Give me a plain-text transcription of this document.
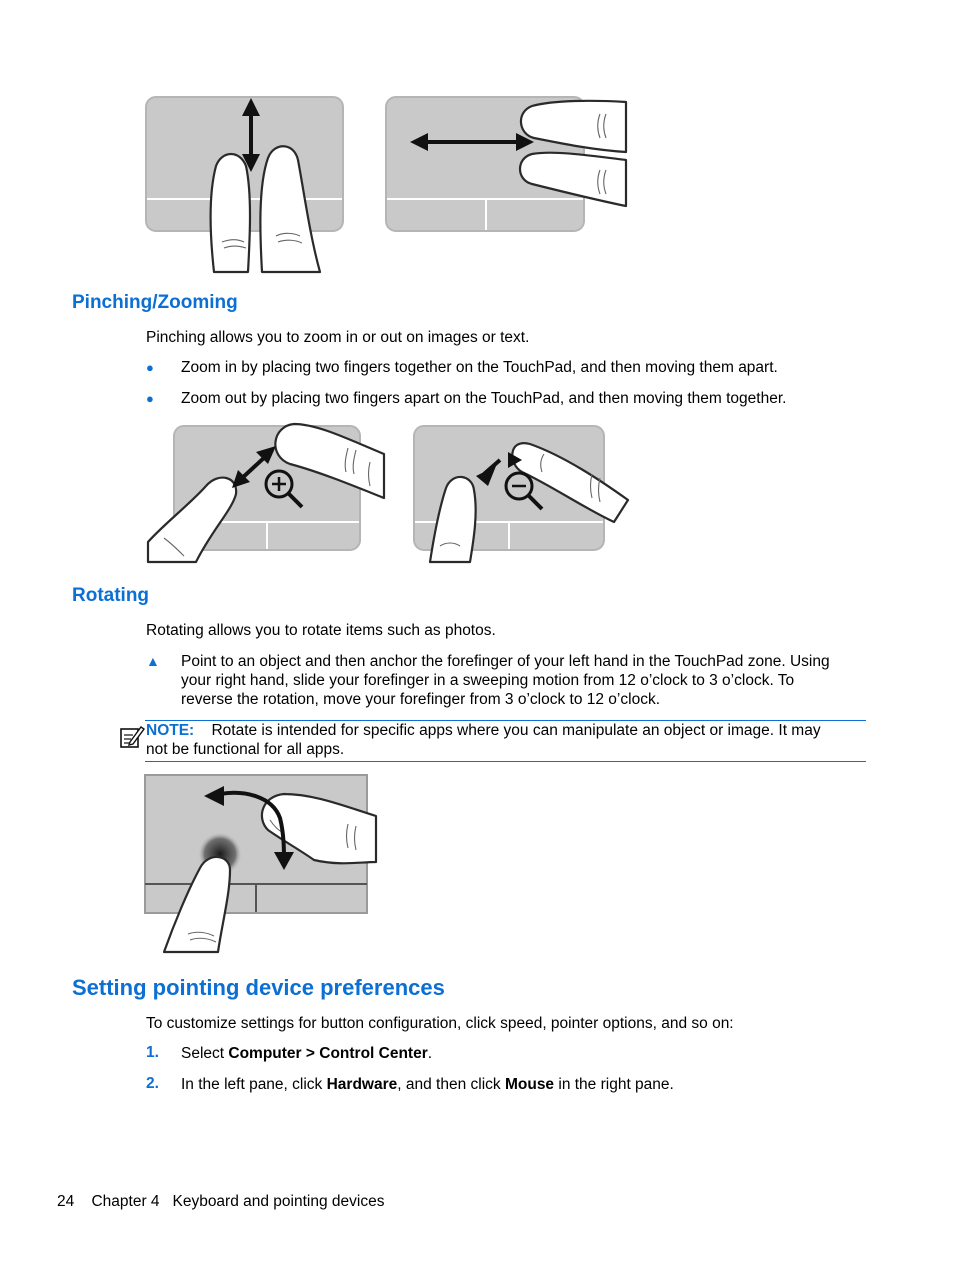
Pinching/Zooming
Pinching allows you to zoom in or out on images or text.
● Zoom in by placing two fingers together on the TouchPad, and then moving them apart.
● Zoom out by placing two fingers apart on the TouchPad, and then moving them together.
Rotating
Rotating allows you to rotate items such as photos.
▲ Point to an object and then anchor the forefinger of your left hand in the TouchPad zone. Using
your right hand, slide your forefinger in a sweeping motion from 12 o’clock to 3 o’clock. To
reverse the rotation, move your forefinger from 3 o’clock to 12 o’clock.
NOTE: Rotate is intended for specific apps where you can manipulate an object or image. It may
not be functional for all apps.
Setting pointing device preferences
To customize settings for button configuration, click speed, pointer options, and so on:
1. Select Computer > Control Center.
2. In the left pane, click Hardware, and then click Mouse in the right pane.
24 Chapter 4 Keyboard and pointing devices
